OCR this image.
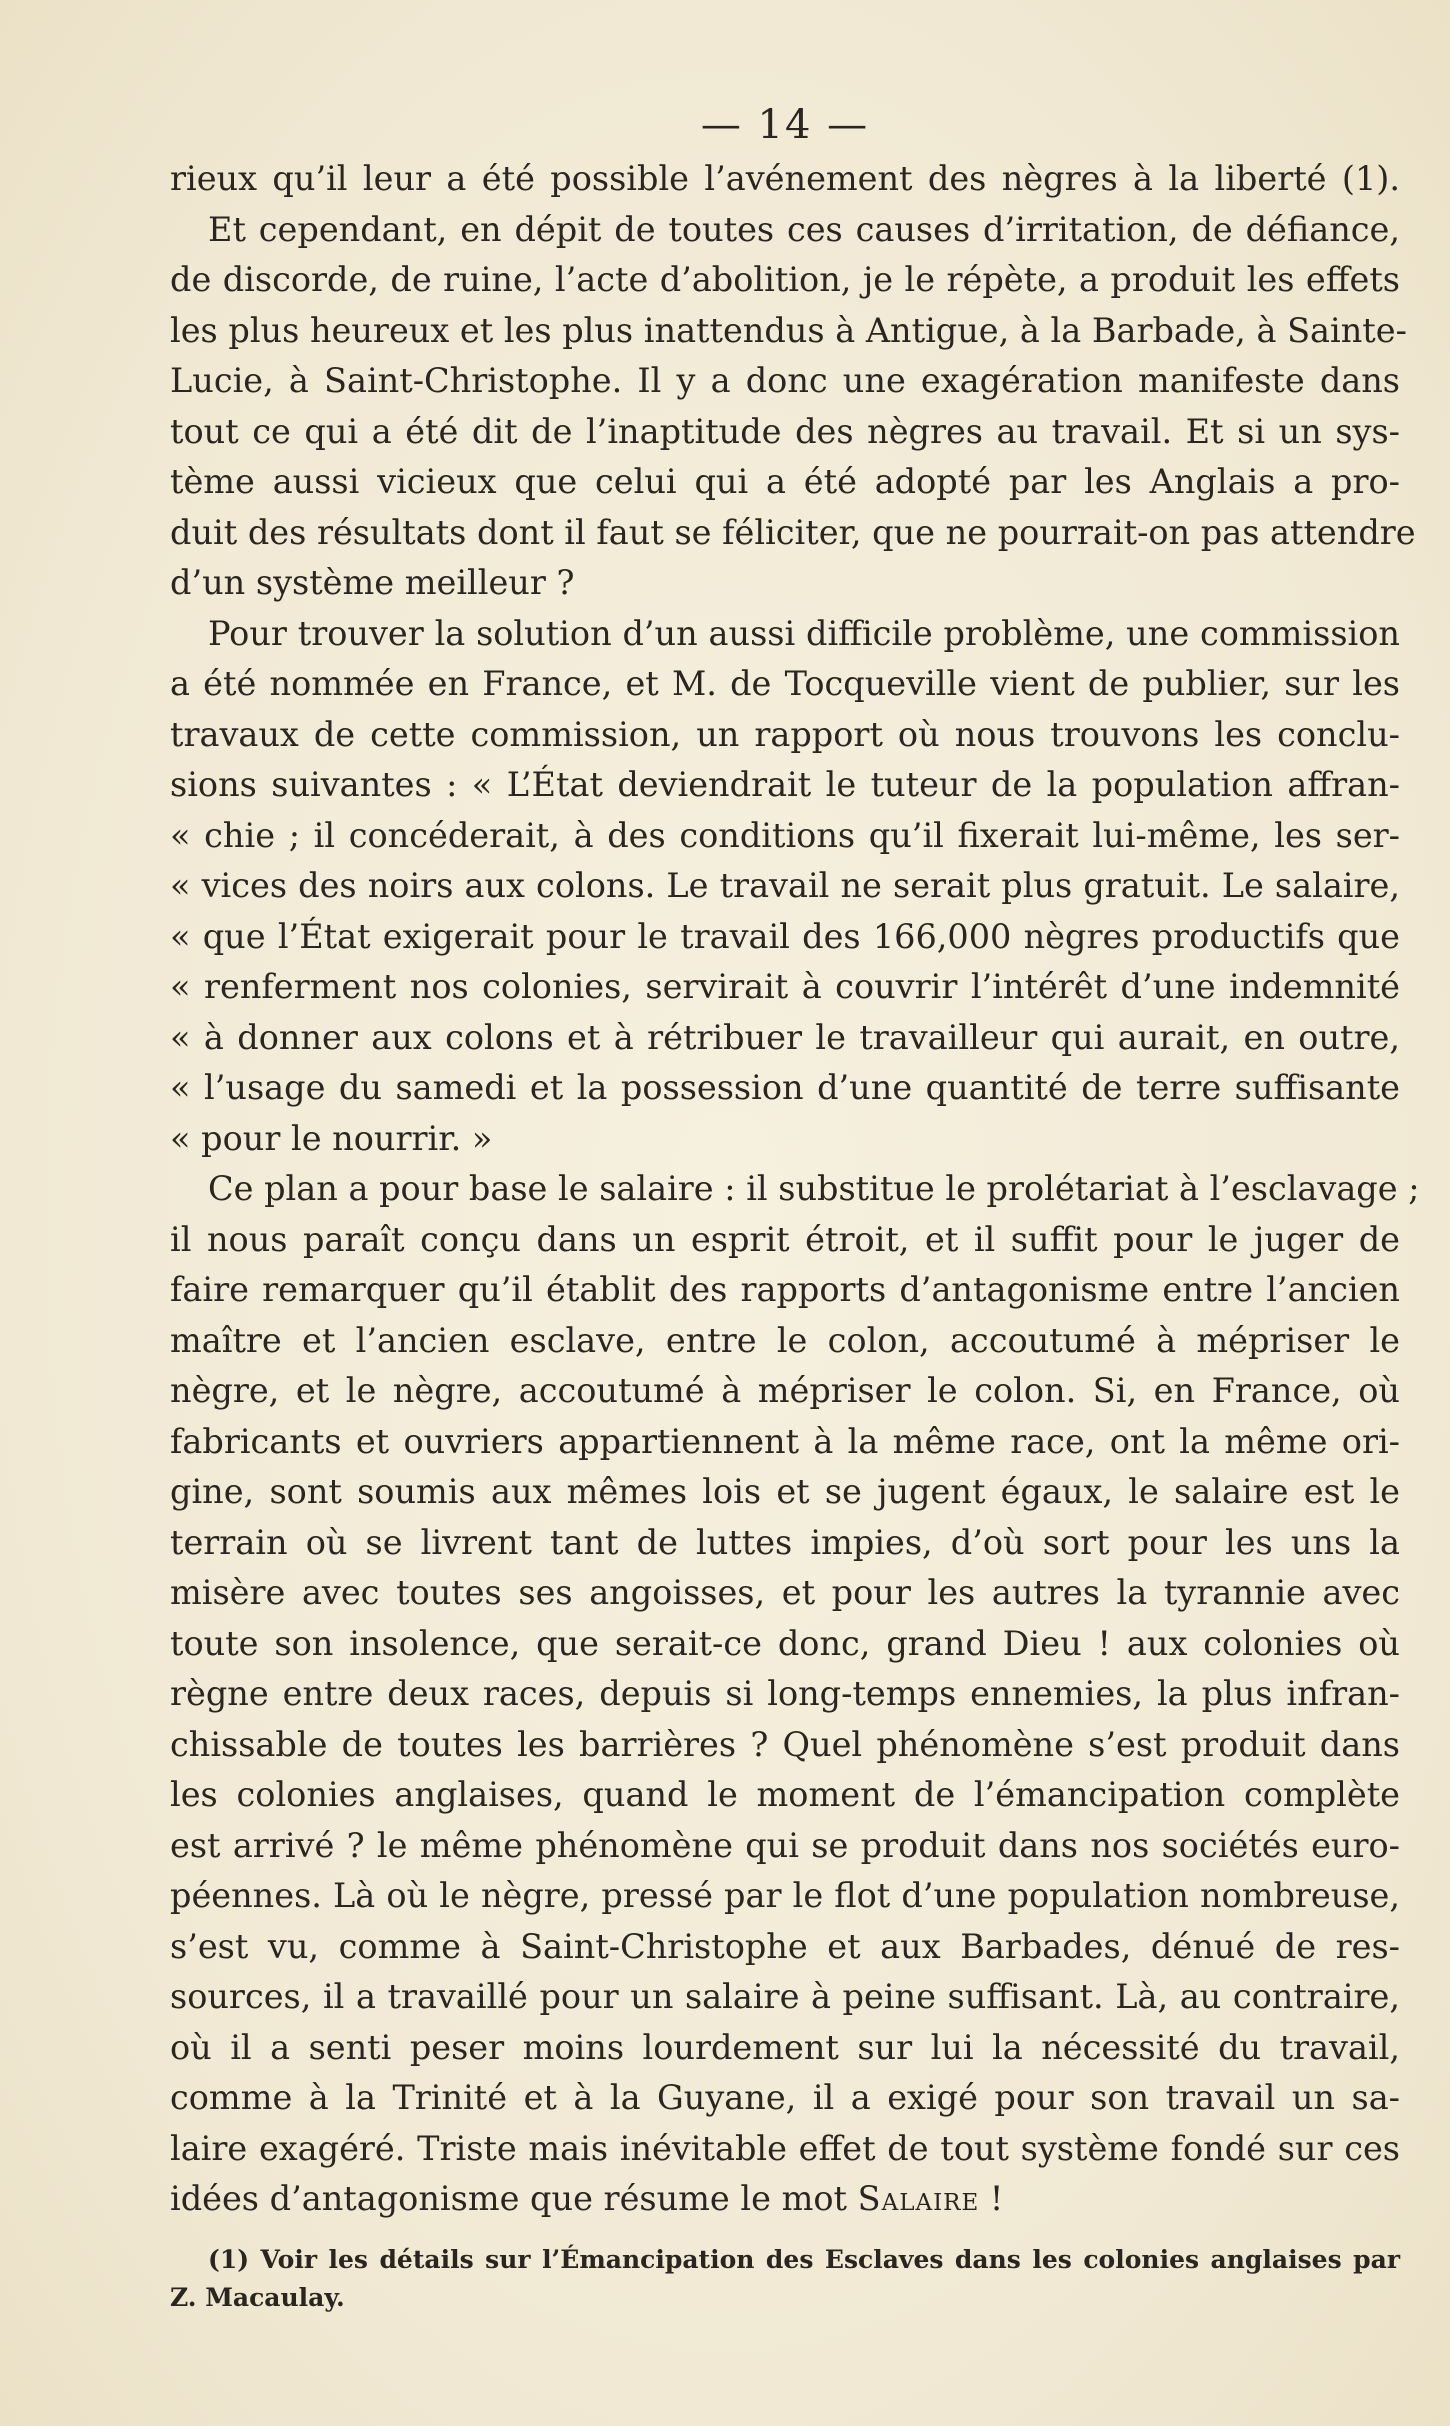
— 14 —
rieux qu’il leur a été possible l’avénement des nègres à la liberté (1).
Et cependant, en dépit de toutes ces causes d’irritation, de défiance,
de discorde, de ruine, l’acte d’abolition, je le répète, a produit les effets
les plus heureux et les plus inattendus à Antigue, à la Barbade, à Sainte-
Lucie, à Saint-Christophe. Il y a donc une exagération manifeste dans
tout ce qui a été dit de l’inaptitude des nègres au travail. Et si un sys-
tème aussi vicieux que celui qui a été adopté par les Anglais a pro-
duit des résultats dont il faut se féliciter, que ne pourrait-on pas attendre
d’un système meilleur ?
Pour trouver la solution d’un aussi difficile problème, une commission
a été nommée en France, et M. de Tocqueville vient de publier, sur les
travaux de cette commission, un rapport où nous trouvons les conclu-
sions suivantes : « L’État deviendrait le tuteur de la population affran-
« chie ; il concéderait, à des conditions qu’il fixerait lui-même, les ser-
« vices des noirs aux colons. Le travail ne serait plus gratuit. Le salaire,
« que l’État exigerait pour le travail des 166,000 nègres productifs que
« renferment nos colonies, servirait à couvrir l’intérêt d’une indemnité
« à donner aux colons et à rétribuer le travailleur qui aurait, en outre,
« l’usage du samedi et la possession d’une quantité de terre suffisante
« pour le nourrir. »
Ce plan a pour base le salaire : il substitue le prolétariat à l’esclavage ;
il nous paraît conçu dans un esprit étroit, et il suffit pour le juger de
faire remarquer qu’il établit des rapports d’antagonisme entre l’ancien
maître et l’ancien esclave, entre le colon, accoutumé à mépriser le
nègre, et le nègre, accoutumé à mépriser le colon. Si, en France, où
fabricants et ouvriers appartiennent à la même race, ont la même ori-
gine, sont soumis aux mêmes lois et se jugent égaux, le salaire est le
terrain où se livrent tant de luttes impies, d’où sort pour les uns la
misère avec toutes ses angoisses, et pour les autres la tyrannie avec
toute son insolence, que serait-ce donc, grand Dieu ! aux colonies où
règne entre deux races, depuis si long-temps ennemies, la plus infran-
chissable de toutes les barrières ? Quel phénomène s’est produit dans
les colonies anglaises, quand le moment de l’émancipation complète
est arrivé ? le même phénomène qui se produit dans nos sociétés euro-
péennes. Là où le nègre, pressé par le flot d’une population nombreuse,
s’est vu, comme à Saint-Christophe et aux Barbades, dénué de res-
sources, il a travaillé pour un salaire à peine suffisant. Là, au contraire,
où il a senti peser moins lourdement sur lui la nécessité du travail,
comme à la Trinité et à la Guyane, il a exigé pour son travail un sa-
laire exagéré. Triste mais inévitable effet de tout système fondé sur ces
idées d’antagonisme que résume le mot Salaire !
(1) Voir les détails sur l’Émancipation des Esclaves dans les colonies anglaises par
Z. Macaulay.
